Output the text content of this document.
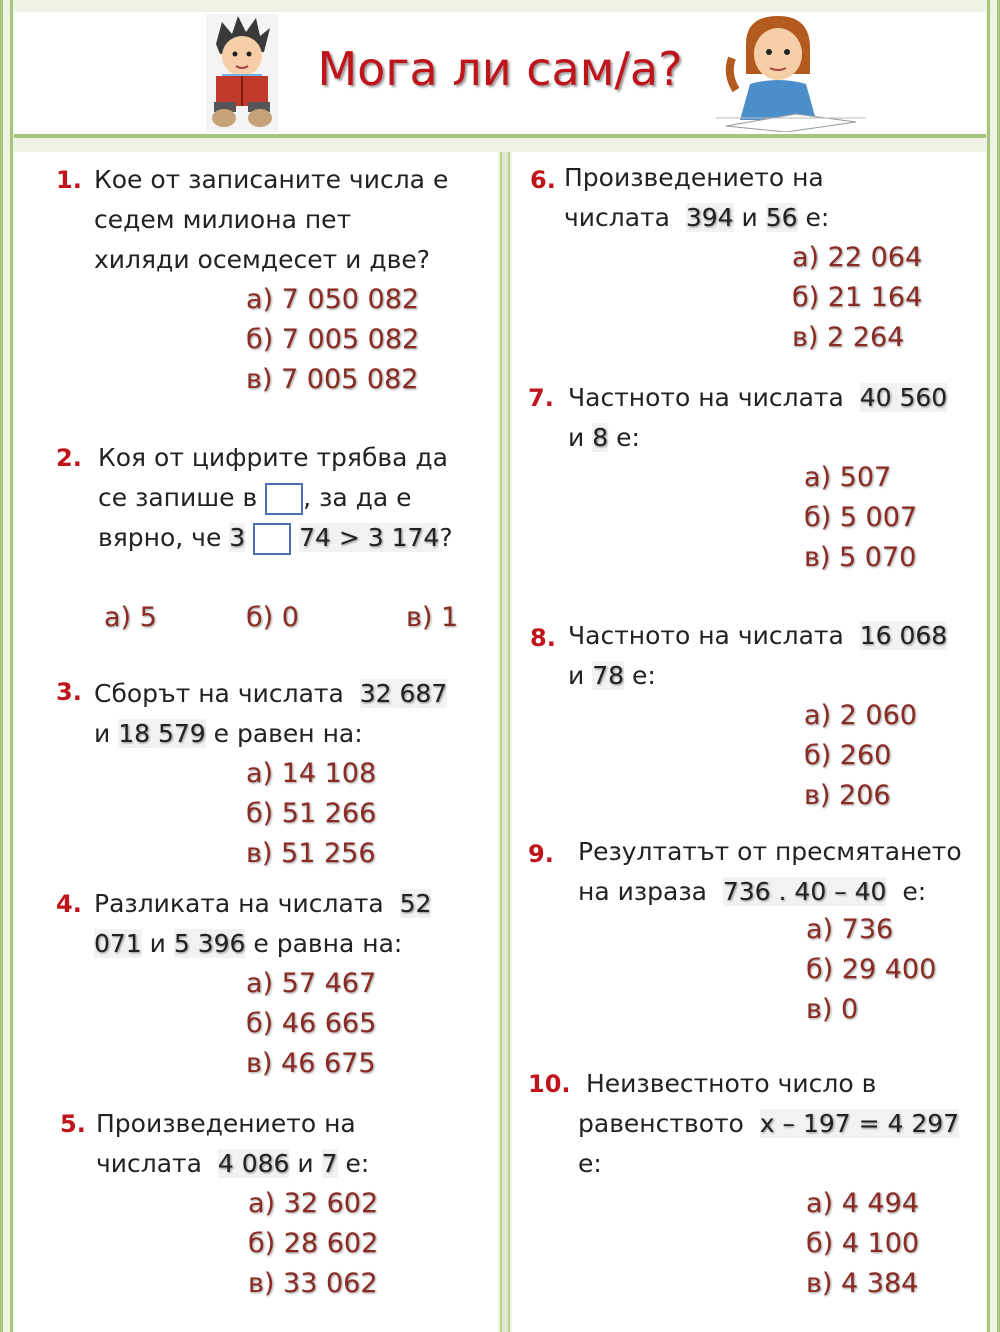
Мога ли сам/а?
1. Кое от записаните числа е
седем милиона пет
хиляди осемдесет и две?
а) 7 050 082
б) 7 005 082
в) 7 005 082
2. Коя от цифрите трябва да
се запише в , за да е
вярно, че 3 74 > 3 174?
а) 5	б) 0	в) 1
3. Сборът на числата 32 687
и 18 579 е равен на:
а) 14 108
б) 51 266
в) 51 256
4. Разликата на числата 52
071 и 5 396 е равна на:
а) 57 467
б) 46 665
в) 46 675
5. Произведението на
числата 4 086 и 7 е:
а) 32 602
б) 28 602
в) 33 062
6. Произведението на
числата 394 и 56 е:
а) 22 064
б) 21 164
в) 2 264
7. Частното на числата 40 560
и 8 е:
а) 507
б) 5 007
в) 5 070
8. Частното на числата 16 068
и 78 е:
а) 2 060
б) 260
в) 206
9. Резултатът от пресмятането
на израза 736 . 40 – 40 е:
а) 736
б) 29 400
в) 0
10. Неизвестното число в
равенството x – 197 = 4 297
е:
а) 4 494
б) 4 100
в) 4 384
